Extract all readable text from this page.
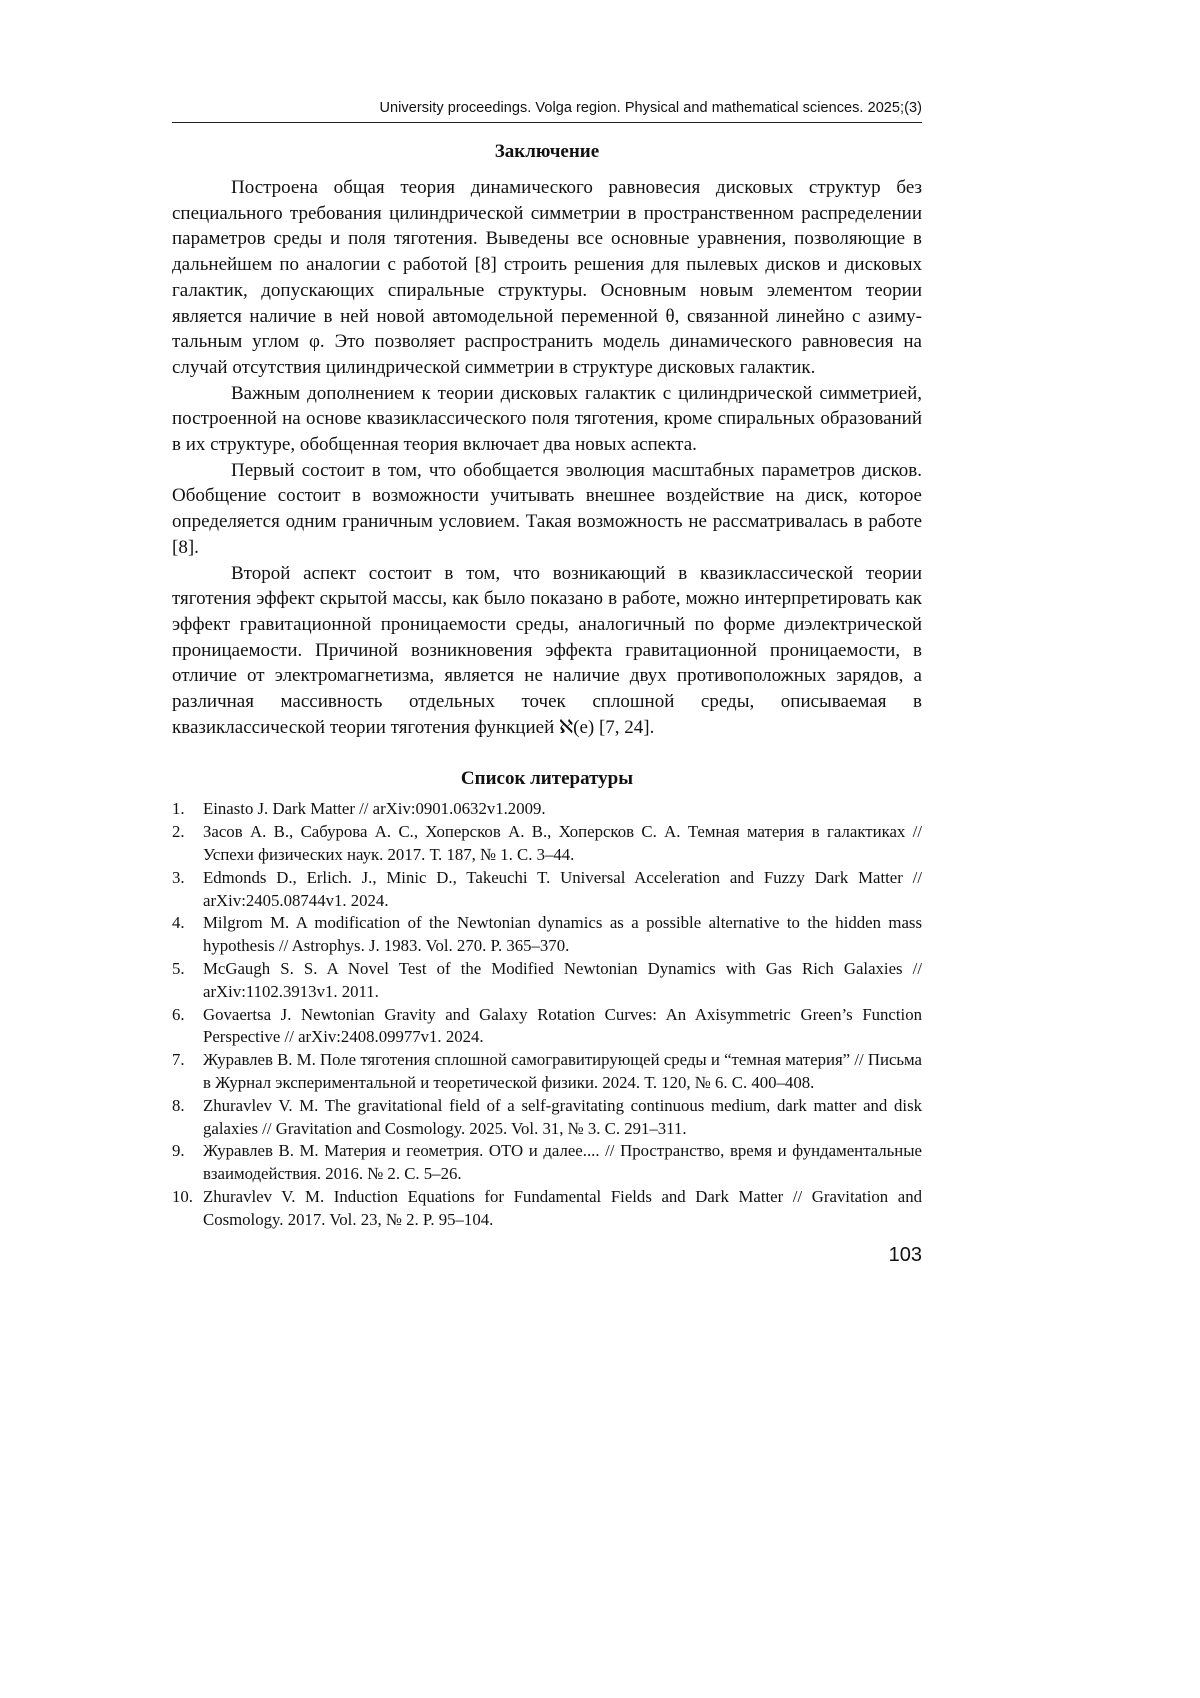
University proceedings. Volga region. Physical and mathematical sciences. 2025;(3)
Заключение

Построена общая теория динамического равновесия дисковых структур без специального требования цилиндрической симметрии в пространственном распределении параметров среды и поля тяготения. Выведены все основные уравнения, позволяющие в дальнейшем по аналогии с работой [8] строить решения для пылевых дисков и дисковых галактик, допускающих спиральные структуры. Основным новым элементом теории является наличие в ней новой автомодельной переменной θ, связанной линейно с азимутальным углом φ. Это позволяет распространить модель динамического равновесия на случай отсутствия цилиндрической симметрии в структуре дисковых галактик.

Важным дополнением к теории дисковых галактик с цилиндрической симметрией, построенной на основе квазиклассического поля тяготения, кроме спиральных образований в их структуре, обобщенная теория включает два новых аспекта.

Первый состоит в том, что обобщается эволюция масштабных параметров дисков. Обобщение состоит в возможности учитывать внешнее воздействие на диск, которое определяется одним граничным условием. Такая возможность не рассматривалась в работе [8].

Второй аспект состоит в том, что возникающий в квазиклассической теории тяготения эффект скрытой массы, как было показано в работе, можно интерпретировать как эффект гравитационной проницаемости среды, аналогичный по форме диэлектрической проницаемости. Причиной возникновения эффекта гравитационной проницаемости, в отличие от электромагнетизма, является не наличие двух противоположных зарядов, а различная массивность отдельных точек сплошной среды, описываемая в квазиклассической теории тяготения функцией ℵ(e) [7, 24].

Список литературы
1. Einasto J. Dark Matter // arXiv:0901.0632v1.2009.
2. Засов А. В., Сабурова А. С., Хоперсков А. В., Хоперсков С. А. Темная материя в галактиках // Успехи физических наук. 2017. Т. 187, № 1. С. 3–44.
3. Edmonds D., Erlich. J., Minic D., Takeuchi T. Universal Acceleration and Fuzzy Dark Matter // arXiv:2405.08744v1. 2024.
4. Milgrom M. A modification of the Newtonian dynamics as a possible alternative to the hidden mass hypothesis // Astrophys. J. 1983. Vol. 270. P. 365–370.
5. McGaugh S. S. A Novel Test of the Modified Newtonian Dynamics with Gas Rich Galaxies // arXiv:1102.3913v1. 2011.
6. Govaertsa J. Newtonian Gravity and Galaxy Rotation Curves: An Axisymmetric Green’s Function Perspective // arXiv:2408.09977v1. 2024.
7. Журавлев В. М. Поле тяготения сплошной самогравитирующей среды и “темная материя” // Письма в Журнал экспериментальной и теоретической физики. 2024. Т. 120, № 6. С. 400–408.
8. Zhuravlev V. M. The gravitational field of a self-gravitating continuous medium, dark matter and disk galaxies // Gravitation and Cosmology. 2025. Vol. 31, № 3. С. 291–311.
9. Журавлев В. М. Материя и геометрия. ОТО и далее.... // Пространство, время и фундаментальные взаимодействия. 2016. № 2. С. 5–26.
10. Zhuravlev V. M. Induction Equations for Fundamental Fields and Dark Matter // Gravitation and Cosmology. 2017. Vol. 23, № 2. P. 95–104.
103
